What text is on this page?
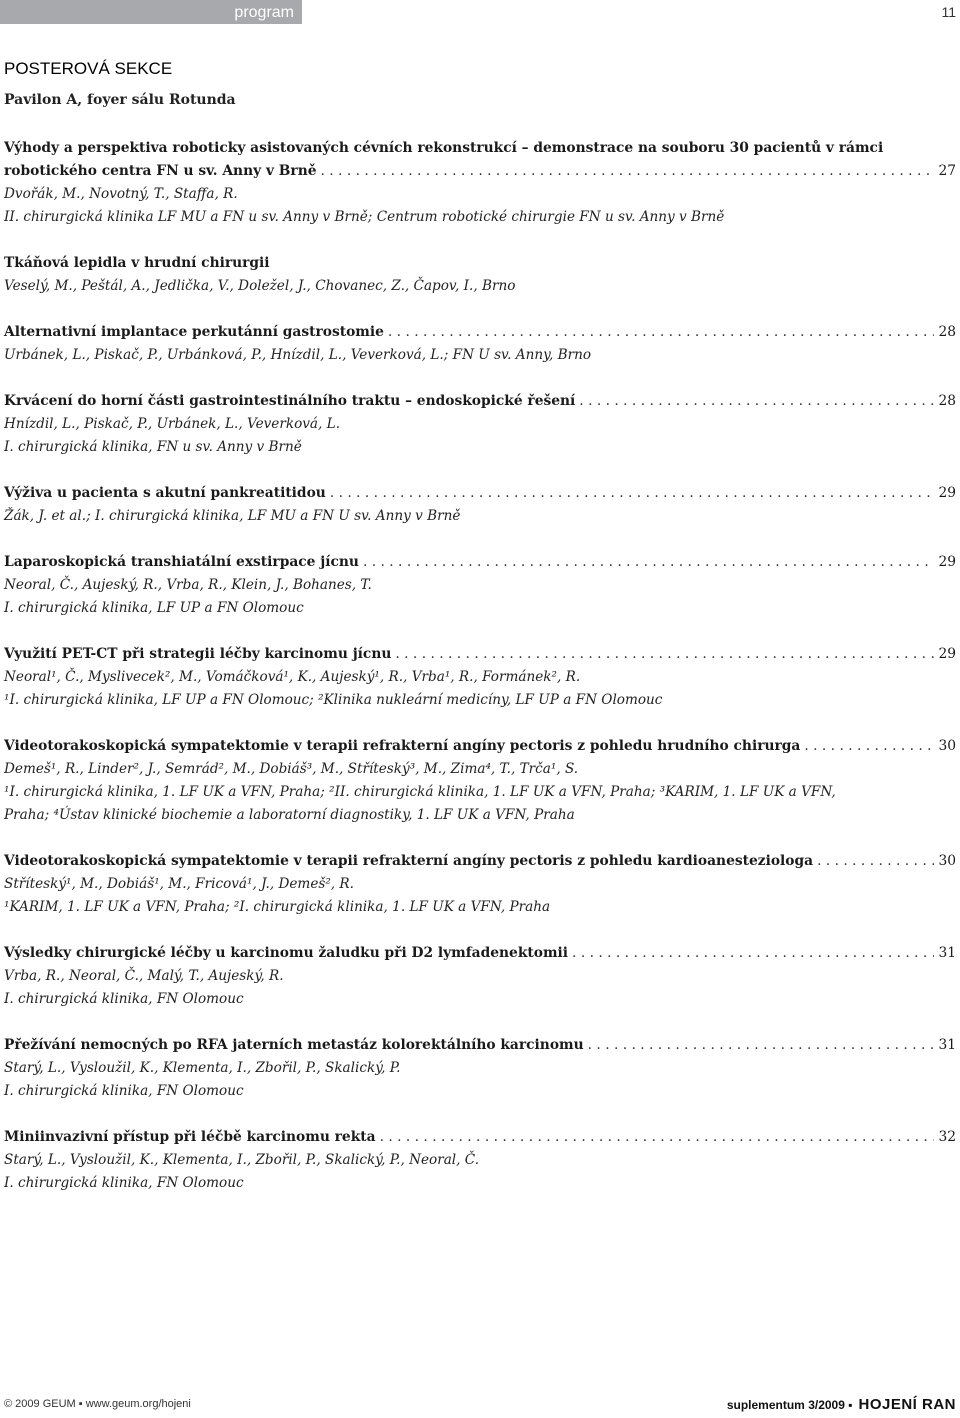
program	11
POSTEROVÁ SEKCE
Pavilon A, foyer sálu Rotunda
Výhody a perspektiva roboticky asistovaných cévních rekonstrukcí – demonstrace na souboru 30 pacientů v rámci
robotického centra FN u sv. Anny v Brně . . .	27
Dvořák, M., Novotný, T., Staffa, R.
II. chirurgická klinika LF MU a FN u sv. Anny v Brně; Centrum robotické chirurgie FN u sv. Anny v Brně
Tkáňová lepidla v hrudní chirurgii
Veselý, M., Peštál, A., Jedlička, V., Doležel, J., Chovanec, Z., Čapov, I., Brno
Alternativní implantace perkutánní gastrostomie . . .	28
Urbánek, L., Piskač, P., Urbánková, P., Hnízdil, L., Veverková, L.; FN U sv. Anny, Brno
Krvácení do horní části gastrointestinálního traktu – endoskopické řešení . . .	28
Hnízdil, L., Piskač, P., Urbánek, L., Veverková, L.
I. chirurgická klinika, FN u sv. Anny v Brně
Výživa u pacienta s akutní pankreatitidou . . .	29
Žák, J. et al.; I. chirurgická klinika, LF MU a FN U sv. Anny v Brně
Laparoskopická transhiatální exstirpace jícnu . . .	29
Neoral, Č., Aujeský, R., Vrba, R., Klein, J., Bohanes, T.
I. chirurgická klinika, LF UP a FN Olomouc
Využití PET-CT při strategii léčby karcinomu jícnu . . .	29
Neoral¹, Č., Myslivecek², M., Vomáčková¹, K., Aujeský¹, R., Vrba¹, R., Formánek², R.
¹I. chirurgická klinika, LF UP a FN Olomouc; ²Klinika nukleární medicíny, LF UP a FN Olomouc
Videotorakoskopická sympatektomie v terapii refrakterní angíny pectoris z pohledu hrudního chirurga . . .	30
Demeš¹, R., Linder², J., Semrád², M., Dobiáš³, M., Stříteský³, M., Zima⁴, T., Trča¹, S.
¹I. chirurgická klinika, 1. LF UK a VFN, Praha; ²II. chirurgická klinika, 1. LF UK a VFN, Praha; ³KARIM, 1. LF UK a VFN,
Praha; ⁴Ústav klinické biochemie a laboratorní diagnostiky, 1. LF UK a VFN, Praha
Videotorakoskopická sympatektomie v terapii refrakterní angíny pectoris z pohledu kardioanesteziologa . . .	30
Stříteský¹, M., Dobiáš¹, M., Fricová¹, J., Demeš², R.
¹KARIM, 1. LF UK a VFN, Praha; ²I. chirurgická klinika, 1. LF UK a VFN, Praha
Výsledky chirurgické léčby u karcinomu žaludku při D2 lymfadenektomii . . .	31
Vrba, R., Neoral, Č., Malý, T., Aujeský, R.
I. chirurgická klinika, FN Olomouc
Přežívání nemocných po RFA jaterních metastáz kolorektálního karcinomu . . .	31
Starý, L., Vysloužil, K., Klementa, I., Zbořil, P., Skalický, P.
I. chirurgická klinika, FN Olomouc
Miniinvazivní přístup při léčbě karcinomu rekta . . .	32
Starý, L., Vysloužil, K., Klementa, I., Zbořil, P., Skalický, P., Neoral, Č.
I. chirurgická klinika, FN Olomouc
© 2009 GEUM ▪ www.geum.org/hojeni	suplementum 3/2009 ▪ HOJENÍ RAN
